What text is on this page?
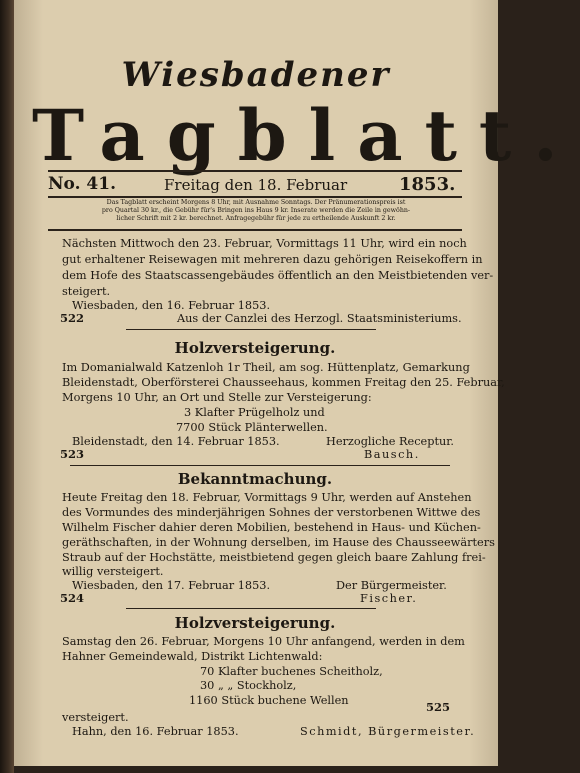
Wiesbadener
Tagblatt.
No. 41.	Freitag den 18. Februar	1853.
Das Tagblatt erscheint Morgens 8 Uhr, mit Ausnahme Sonntags. Der Pränumerationspreis ist
pro Quartal 30 kr., die Gebühr für's Bringen ins Haus 9 kr. Inserate werden die Zeile in gewöhn-
licher Schrift mit 2 kr. berechnet. Anfragegebühr für jede zu ertheilende Auskunft 2 kr.
Nächsten Mittwoch den 23. Februar, Vormittags 11 Uhr, wird ein noch
gut erhaltener Reisewagen mit mehreren dazu gehörigen Reisekoffern in
dem Hofe des Staatscassengebäudes öffentlich an den Meistbietenden ver-
steigert.
Wiesbaden, den 16. Februar 1853.
522	Aus der Canzlei des Herzogl. Staatsministeriums.
Holzversteigerung.
Im Domanialwald Katzenloh 1r Theil, am sog. Hüttenplatz, Gemarkung
Bleidenstadt, Oberförsterei Chausseehaus, kommen Freitag den 25. Februar,
Morgens 10 Uhr, an Ort und Stelle zur Versteigerung:
3 Klafter Prügelholz und
7700 Stück Plänterwellen.
Bleidenstadt, den 14. Februar 1853.	Herzogliche Receptur.
523	Bausch.
Bekanntmachung.
Heute Freitag den 18. Februar, Vormittags 9 Uhr, werden auf Anstehen
des Vormundes des minderjährigen Sohnes der verstorbenen Wittwe des
Wilhelm Fischer dahier deren Mobilien, bestehend in Haus- und Küchen-
geräthschaften, in der Wohnung derselben, im Hause des Chausseewärters
Straub auf der Hochstätte, meistbietend gegen gleich baare Zahlung frei-
willig versteigert.
Wiesbaden, den 17. Februar 1853.	Der Bürgermeister.
524	Fischer.
Holzversteigerung.
Samstag den 26. Februar, Morgens 10 Uhr anfangend, werden in dem
Hahner Gemeindewald, Distrikt Lichtenwald:
70 Klafter buchenes Scheitholz,
30 „ „ Stockholz,
1160 Stück buchene Wellen	525
versteigert.
Hahn, den 16. Februar 1853.	Schmidt, Bürgermeister.
